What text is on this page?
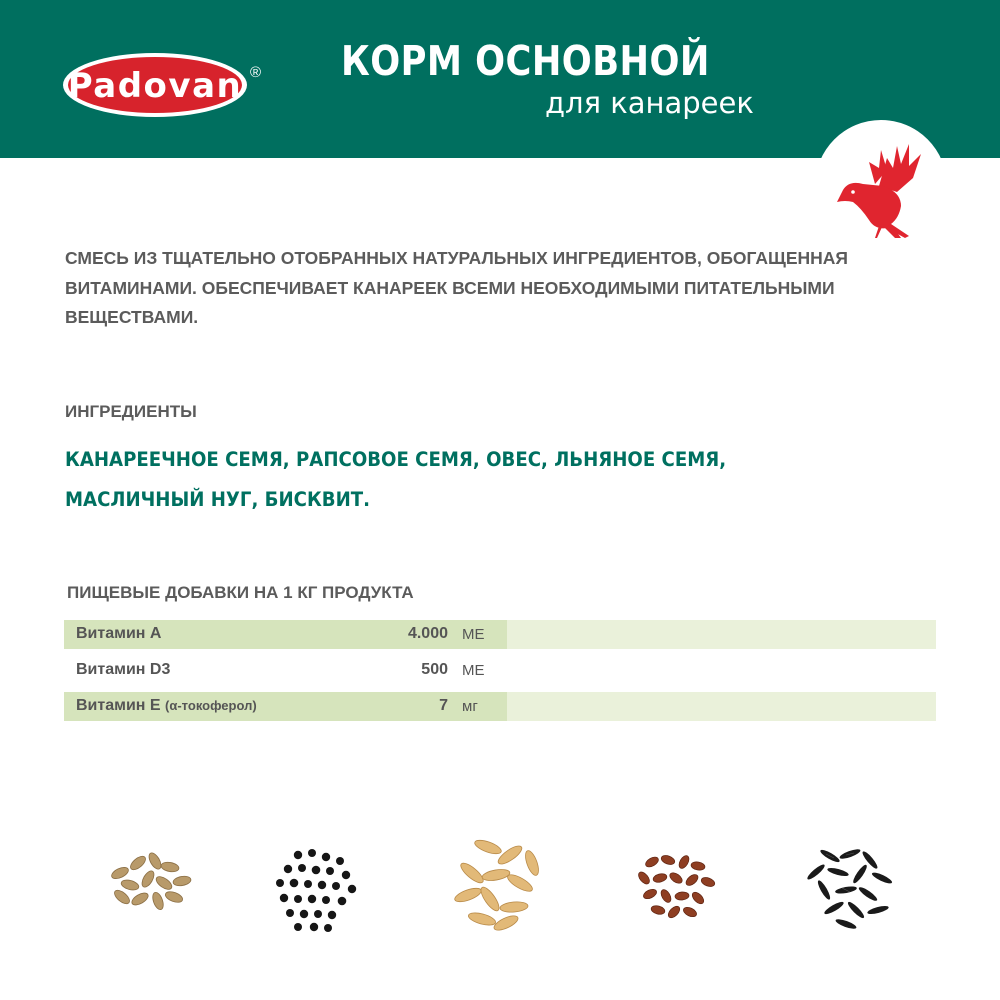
Padovan ® КОРМ ОСНОВНОЙ
для канареек
СМЕСЬ ИЗ ТЩАТЕЛЬНО ОТОБРАННЫХ НАТУРАЛЬНЫХ ИНГРЕДИЕНТОВ, ОБОГАЩЕННАЯ ВИТАМИНАМИ. ОБЕСПЕЧИВАЕТ КАНАРЕЕК ВСЕМИ НЕОБХОДИМЫМИ ПИТАТЕЛЬНЫМИ ВЕЩЕСТВАМИ.
ИНГРЕДИЕНТЫ
КАНАРЕЕЧНОЕ СЕМЯ, РАПСОВОЕ СЕМЯ, ОВЕС, ЛЬНЯНОЕ СЕМЯ, МАСЛИЧНЫЙ НУГ, БИСКВИТ.
ПИЩЕВЫЕ ДОБАВКИ НА 1 КГ ПРОДУКТА
Витамин А	4.000 МЕ
Витамин D3	500 МЕ
Витамин Е (α-токоферол)	7 мг
